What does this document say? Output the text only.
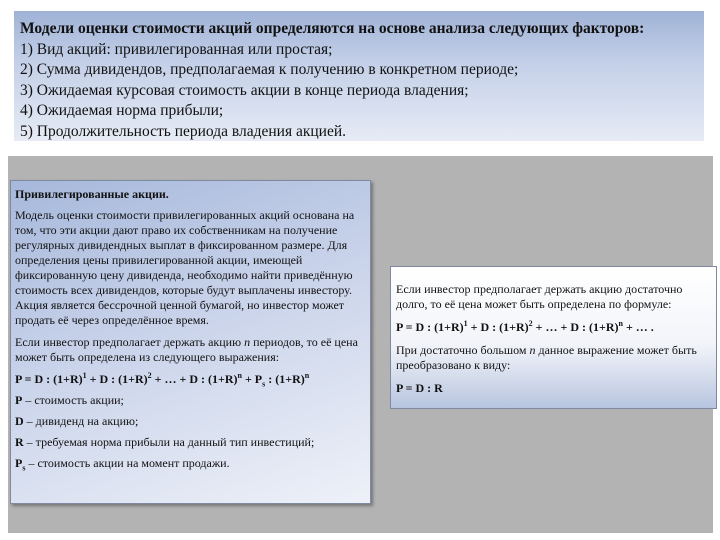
Модели оценки стоимости акций определяются на основе анализа следующих факторов:
1) Вид акций: привилегированная или простая;
2) Сумма дивидендов, предполагаемая к получению в конкретном периоде;
3) Ожидаемая курсовая стоимость акции в конце периода владения;
4) Ожидаемая норма прибыли;
5) Продолжительность периода владения акцией.

Привилегированные акции.

Модель оценки стоимости привилегированных акций основана на том, что эти акции дают право их собственникам на получение регулярных дивидендных выплат в фиксированном размере. Для определения цены привилегированной акции, имеющей фиксированную цену дивиденда, необходимо найти приведённую стоимость всех дивидендов, которые будут выплачены инвестору. Акция является бессрочной ценной бумагой, но инвестор может продать её через определённое время.

Если инвестор предполагает держать акцию n периодов, то её цена может быть определена из следующего выражения:

P = D : $(1+R)^1 + D$ : $(1+R)^2$ + … + D : $(1+R)^n + P_s$ : $(1+R)^n$

P – стоимость акции;

D – дивиденд на акцию;

R – требуемая норма прибыли на данный тип инвестиций;

$P_s$ – стоимость акции на момент продажи.

Если инвестор предполагает держать акцию достаточно долго, то её цена может быть определена по формуле:

P = D : $(1+R)^1 + D$ : $(1+R)^2$ + … + D : $(1+R)^n$ + … .

При достаточно большом n данное выражение может быть преобразовано к виду:

P = D : R
